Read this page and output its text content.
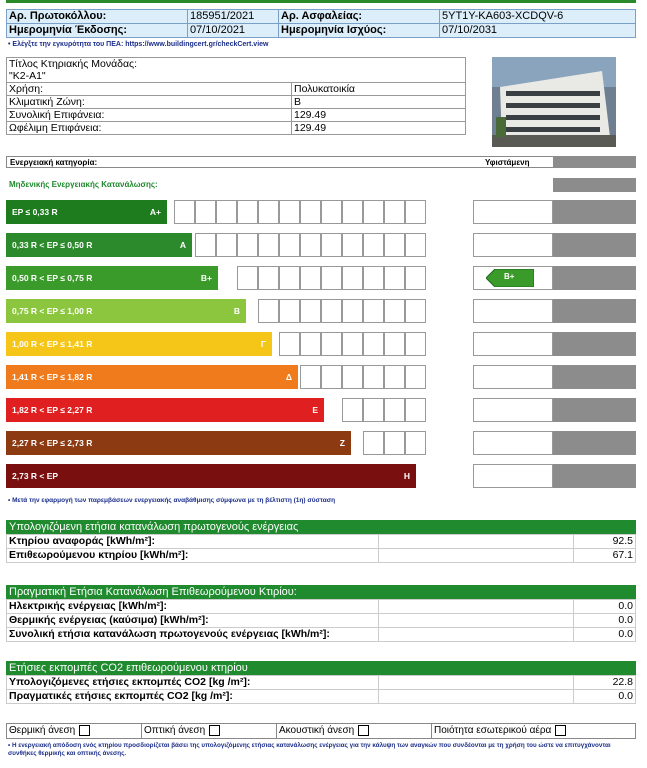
Αρ. Πρωτοκόλλου:	185951/2021	Αρ. Ασφαλείας:	5YT1Y-KA603-XCDQV-6
Ημερομηνία Έκδοσης:	07/10/2021	Ημερομηνία Ισχύος:	07/10/2031
• Ελέγξτε την εγκυρότητα του ΠΕΑ: https://www.buildingcert.gr/checkCert.view
Τίτλος Κτηριακής Μονάδας:
"Κ2-Α1"	

Χρήση:	Πολυκατοικία
Κλιματική Ζώνη:	Β
Συνολική Επιφάνεια:	129.49
Ωφέλιμη Επιφάνεια:	129.49
Ενεργειακή κατηγορία:	Υφιστάμενη
Μηδενικής Ενεργειακής Κατανάλωσης:
EP ≤ 0,33 R	A+
0,33 R < EP ≤ 0,50 R	A
0,50 R < EP ≤ 0,75 R	B+	B+
0,75 R < EP ≤ 1,00 R	B
1,00 R < EP ≤ 1,41 R	Γ
1,41 R < EP ≤ 1,82 R	Δ
1,82 R < EP ≤ 2,27 R	Ε
2,27 R < EP ≤ 2,73 R	Ζ
2,73 R < EP	Η
• Μετά την εφαρμογή των παρεμβάσεων ενεργειακής αναβάθμισης σύμφωνα με τη βέλτιστη (1η) σύσταση
Υπολογιζόμενη ετήσια κατανάλωση πρωτογενούς ενέργειας
Κτηρίου αναφοράς [kWh/m²]:		92.5
Επιθεωρούμενου κτηρίου [kWh/m²]:		67.1
Πραγματική Ετήσια Κατανάλωση Επιθεωρούμενου Κτιρίου:
Ηλεκτρικής ενέργειας [kWh/m²]:		0.0
Θερμικής ενέργειας (καύσιμα) [kWh/m²]:		0.0
Συνολική ετήσια κατανάλωση πρωτογενούς ενέργειας [kWh/m²]:		0.0
Ετήσιες εκπομπές CO2 επιθεωρούμενου κτηρίου
Υπολογιζόμενες ετήσιες εκπομπές CO2 [kg /m²]:		22.8
Πραγματικές ετήσιες εκπομπές CO2 [kg /m²]:		0.0
Θερμική άνεση	Οπτική άνεση	Ακουστική άνεση	Ποιότητα εσωτερικού αέρα
• Η ενεργειακή απόδοση ενός κτηρίου προσδιορίζεται βάσει της υπολογιζόμενης ετήσιας κατανάλωσης ενέργειας για την κάλυψη των αναγκών που συνδέονται με τη χρήση του ώστε να επιτυγχάνονται συνθήκες θερμικής και οπτικής άνεσης.
